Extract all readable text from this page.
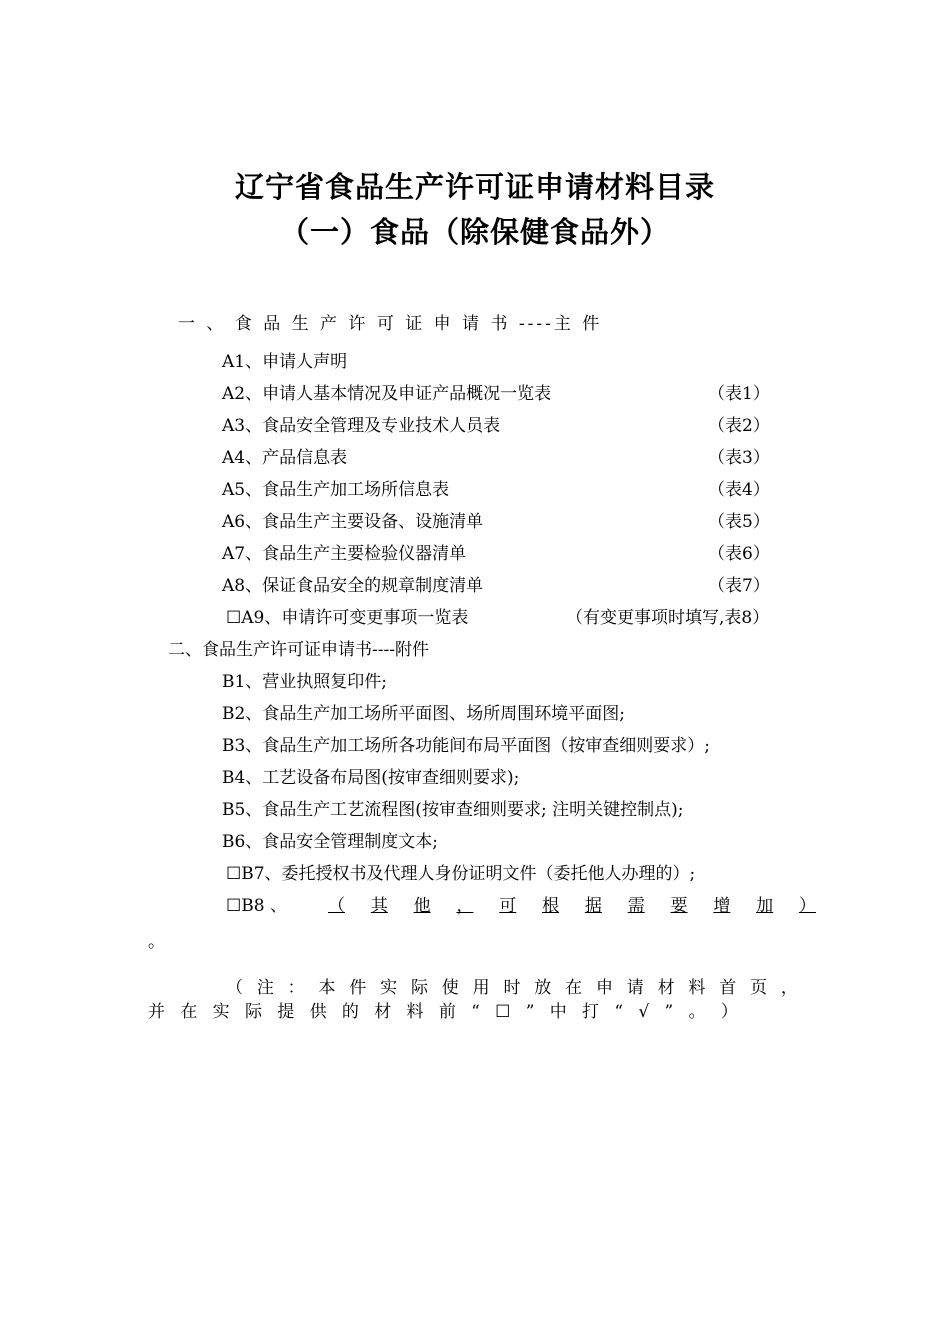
辽宁省食品生产许可证申请材料目录
（一）食品（除保健食品外）
一 、 食 品 生 产 许 可 证 申 请 书 ----主 件
A1、申请人声明
A2、申请人基本情况及申证产品概况一览表	（表1）
A3、食品安全管理及专业技术人员表	（表2）
A4、产品信息表	（表3）
A5、食品生产加工场所信息表	（表4）
A6、食品生产主要设备、设施清单	（表5）
A7、食品生产主要检验仪器清单	（表6）
A8、保证食品安全的规章制度清单	（表7）
☐A9、申请许可变更事项一览表	（有变更事项时填写,表8）
二、食品生产许可证申请书----附件
B1、营业执照复印件;
B2、食品生产加工场所平面图、场所周围环境平面图;
B3、食品生产加工场所各功能间布局平面图（按审查细则要求）;
B4、工艺设备布局图(按审查细则要求);
B5、食品生产工艺流程图(按审查细则要求; 注明关键控制点);
B6、食品安全管理制度文本;
☐B7、委托授权书及代理人身份证明文件（委托他人办理的）;
☐B8 、 （ 其 他 ， 可 根 据 需 要 增 加 ）
。
（ 注 ： 本 件 实 际 使 用 时 放 在 申 请 材 料 首 页 ，
并 在 实 际 提 供 的 材 料 前 “ ☐ ” 中 打 “ √ ” 。 ）
